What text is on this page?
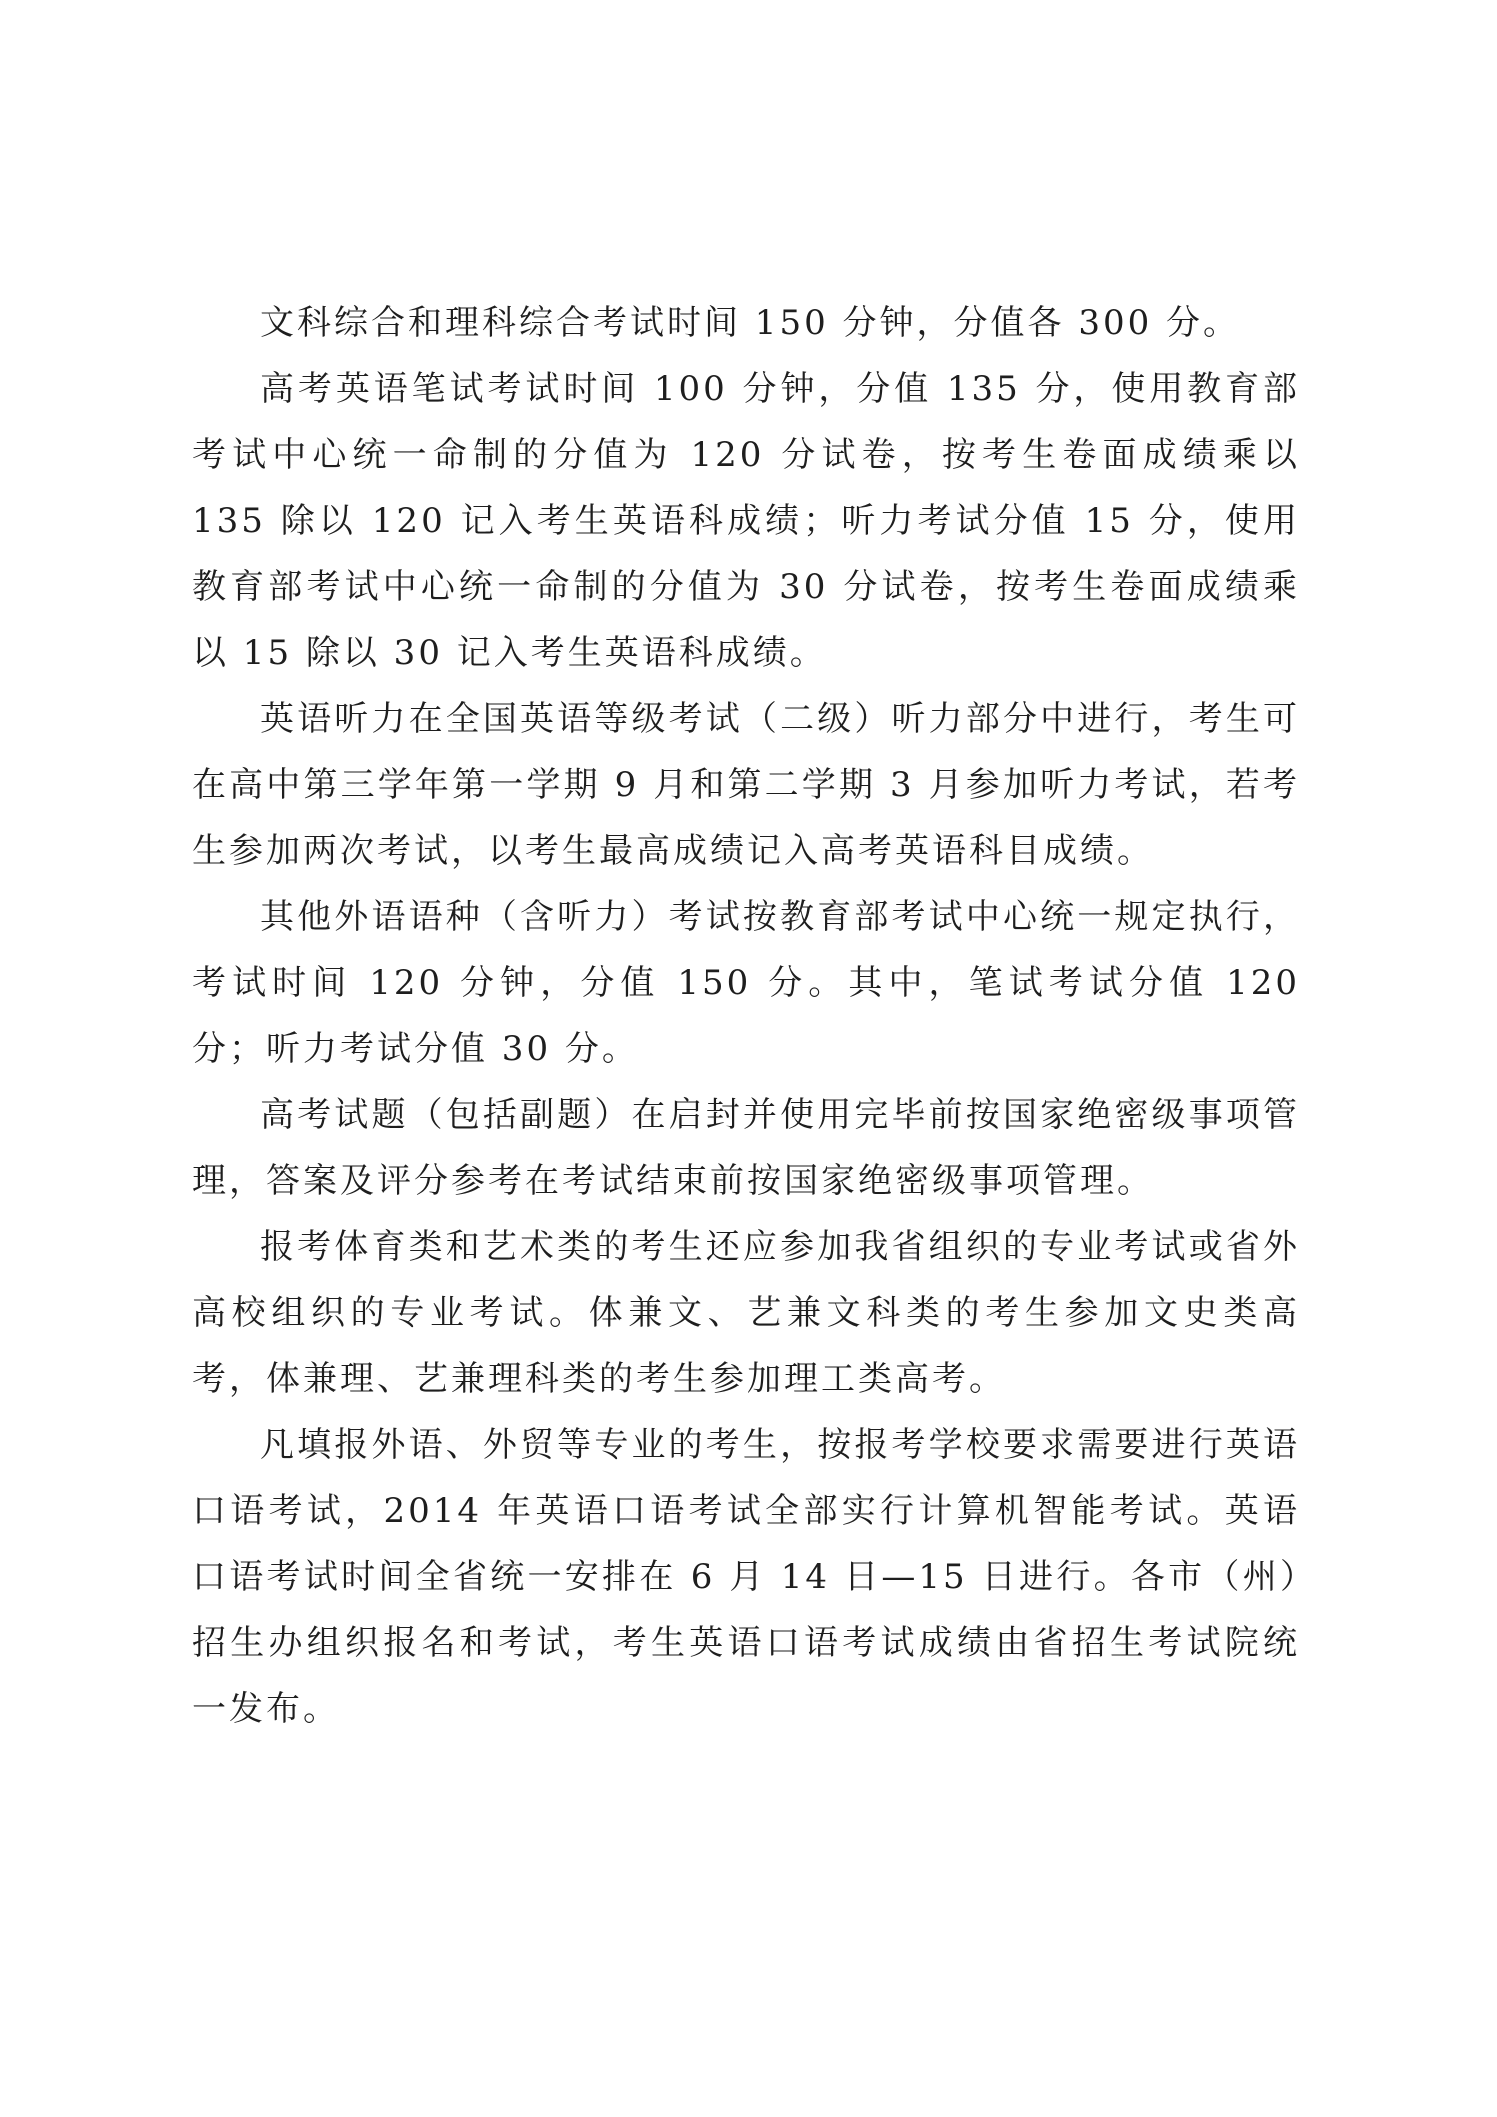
文科综合和理科综合考试时间 150 分钟，分值各 300 分。

高考英语笔试考试时间 100 分钟，分值 135 分，使用教育部考试中心统一命制的分值为 120 分试卷，按考生卷面成绩乘以 135 除以 120 记入考生英语科成绩；听力考试分值 15 分，使用教育部考试中心统一命制的分值为 30 分试卷，按考生卷面成绩乘以 15 除以 30 记入考生英语科成绩。

英语听力在全国英语等级考试（二级）听力部分中进行，考生可在高中第三学年第一学期 9 月和第二学期 3 月参加听力考试，若考生参加两次考试，以考生最高成绩记入高考英语科目成绩。

其他外语语种（含听力）考试按教育部考试中心统一规定执行，考试时间 120 分钟，分值 150 分。其中，笔试考试分值 120 分；听力考试分值 30 分。

高考试题（包括副题）在启封并使用完毕前按国家绝密级事项管理，答案及评分参考在考试结束前按国家绝密级事项管理。

报考体育类和艺术类的考生还应参加我省组织的专业考试或省外高校组织的专业考试。体兼文、艺兼文科类的考生参加文史类高考，体兼理、艺兼理科类的考生参加理工类高考。

凡填报外语、外贸等专业的考生，按报考学校要求需要进行英语口语考试，2014 年英语口语考试全部实行计算机智能考试。英语口语考试时间全省统一安排在 6 月 14 日—15 日进行。各市（州）招生办组织报名和考试，考生英语口语考试成绩由省招生考试院统一发布。
